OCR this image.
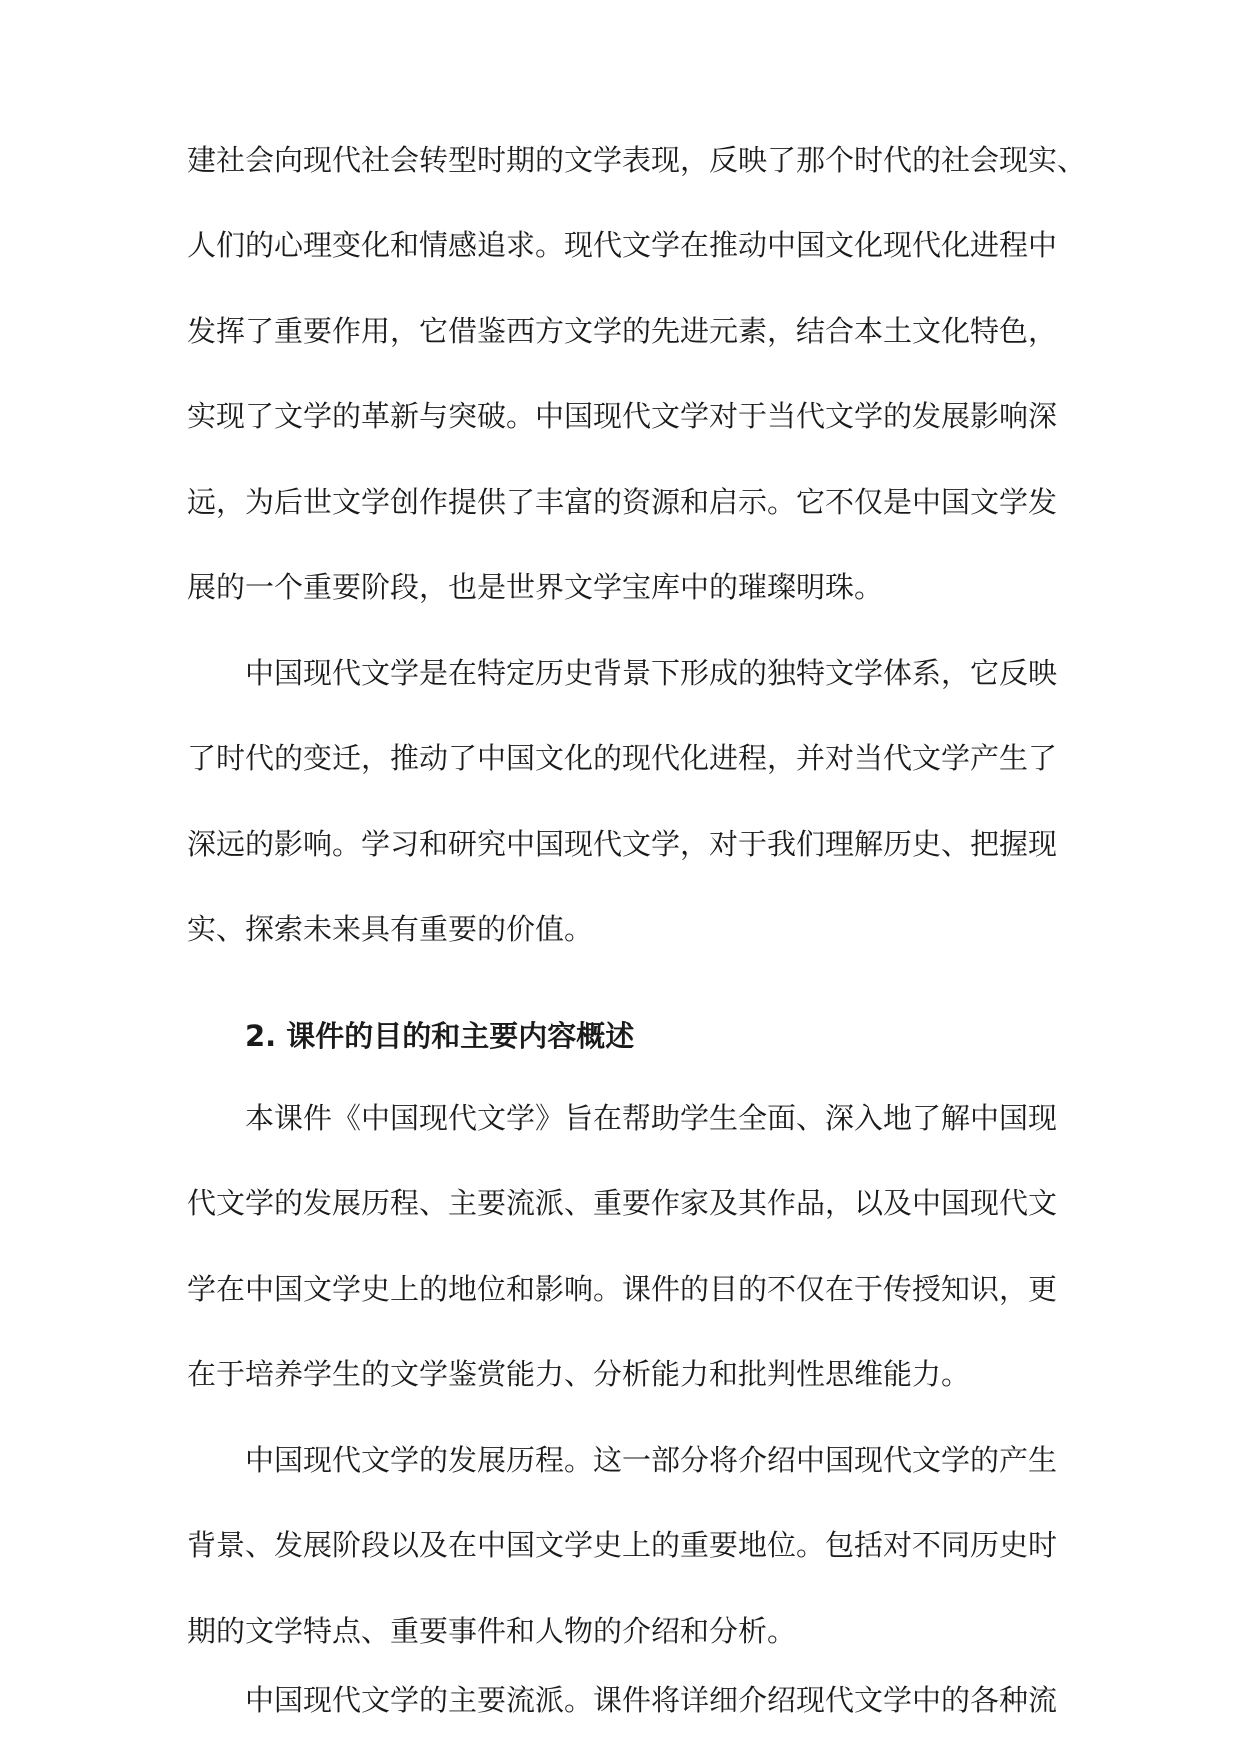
建社会向现代社会转型时期的文学表现，反映了那个时代的社会现实、
人们的心理变化和情感追求。现代文学在推动中国文化现代化进程中
发挥了重要作用，它借鉴西方文学的先进元素，结合本土文化特色，
实现了文学的革新与突破。中国现代文学对于当代文学的发展影响深
远，为后世文学创作提供了丰富的资源和启示。它不仅是中国文学发
展的一个重要阶段，也是世界文学宝库中的璀璨明珠。
中国现代文学是在特定历史背景下形成的独特文学体系，它反映
了时代的变迁，推动了中国文化的现代化进程，并对当代文学产生了
深远的影响。学习和研究中国现代文学，对于我们理解历史、把握现
实、探索未来具有重要的价值。
2. 课件的目的和主要内容概述
本课件《中国现代文学》旨在帮助学生全面、深入地了解中国现
代文学的发展历程、主要流派、重要作家及其作品，以及中国现代文
学在中国文学史上的地位和影响。课件的目的不仅在于传授知识，更
在于培养学生的文学鉴赏能力、分析能力和批判性思维能力。
中国现代文学的发展历程。这一部分将介绍中国现代文学的产生
背景、发展阶段以及在中国文学史上的重要地位。包括对不同历史时
期的文学特点、重要事件和人物的介绍和分析。
中国现代文学的主要流派。课件将详细介绍现代文学中的各种流
